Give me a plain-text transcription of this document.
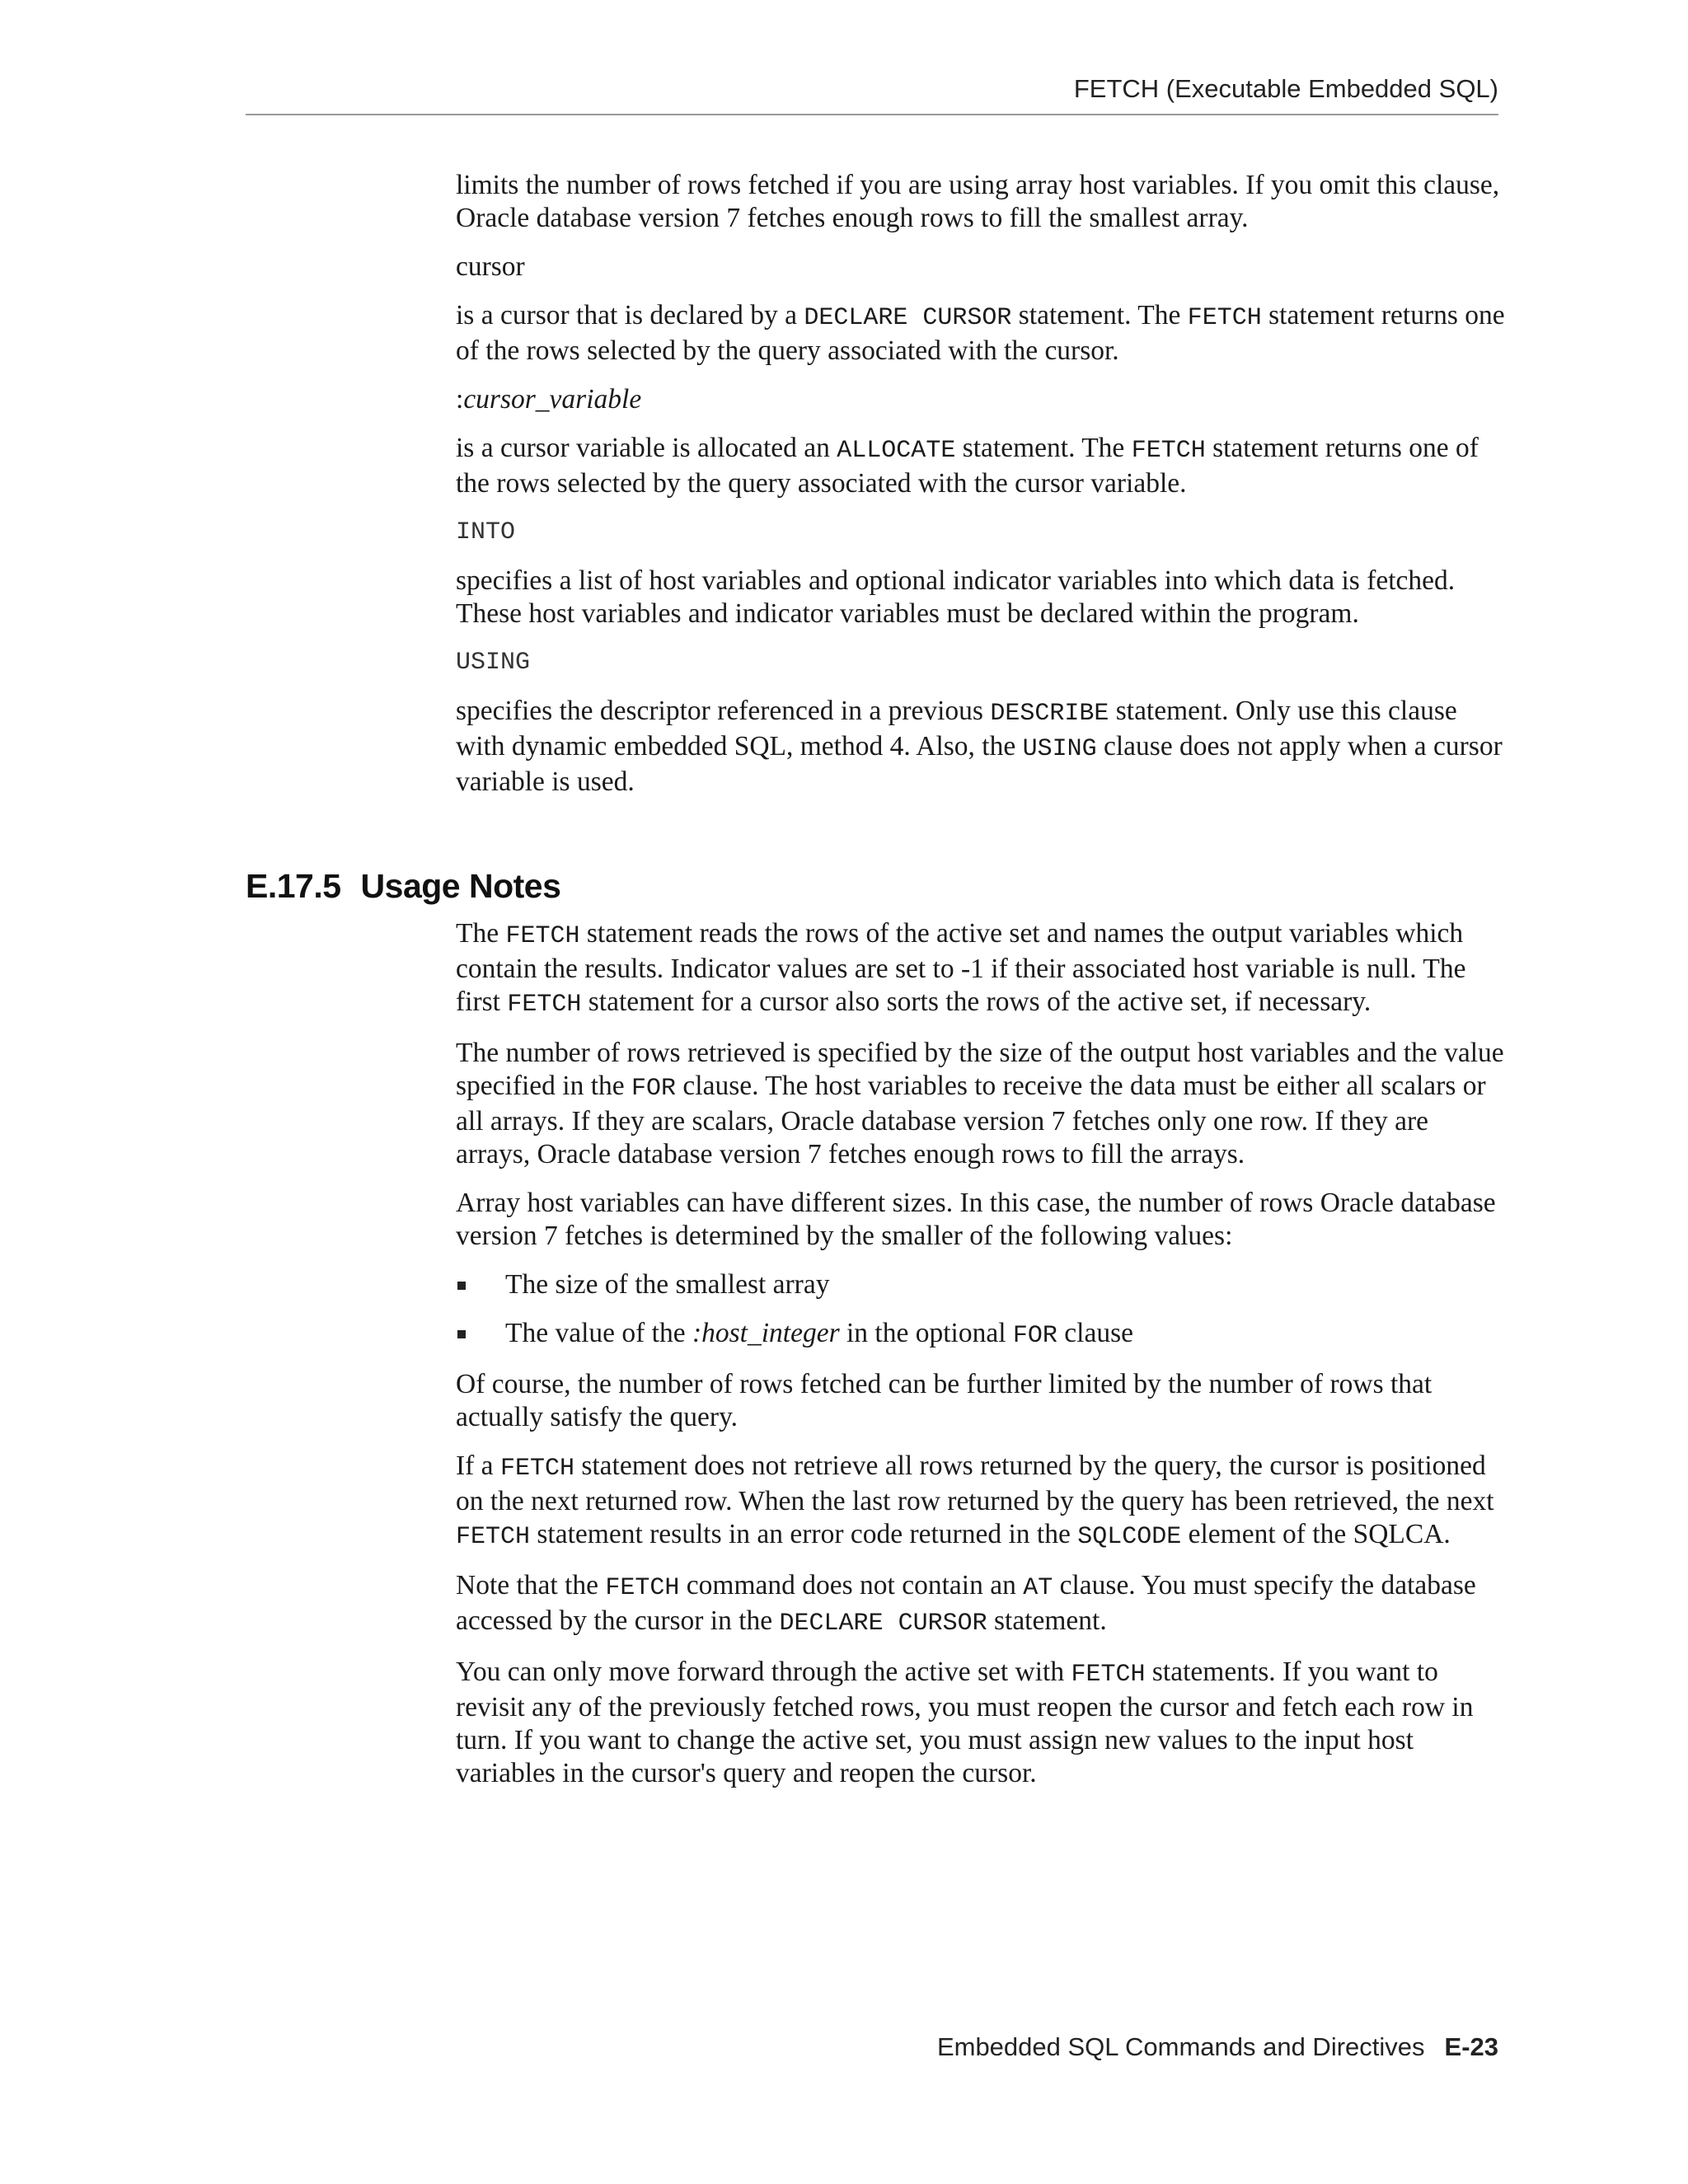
FETCH (Executable Embedded SQL)

limits the number of rows fetched if you are using array host variables. If you omit this clause, Oracle database version 7 fetches enough rows to fill the smallest array.

cursor

is a cursor that is declared by a DECLARE CURSOR statement. The FETCH statement returns one of the rows selected by the query associated with the cursor.

:cursor_variable

is a cursor variable is allocated an ALLOCATE statement. The FETCH statement returns one of the rows selected by the query associated with the cursor variable.

INTO

specifies a list of host variables and optional indicator variables into which data is fetched. These host variables and indicator variables must be declared within the program.

USING

specifies the descriptor referenced in a previous DESCRIBE statement. Only use this clause with dynamic embedded SQL, method 4. Also, the USING clause does not apply when a cursor variable is used.

E.17.5 Usage Notes

The FETCH statement reads the rows of the active set and names the output variables which contain the results. Indicator values are set to -1 if their associated host variable is null. The first FETCH statement for a cursor also sorts the rows of the active set, if necessary.

The number of rows retrieved is specified by the size of the output host variables and the value specified in the FOR clause. The host variables to receive the data must be either all scalars or all arrays. If they are scalars, Oracle database version 7 fetches only one row. If they are arrays, Oracle database version 7 fetches enough rows to fill the arrays.

Array host variables can have different sizes. In this case, the number of rows Oracle database version 7 fetches is determined by the smaller of the following values:

The size of the smallest array
The value of the :host_integer in the optional FOR clause

Of course, the number of rows fetched can be further limited by the number of rows that actually satisfy the query.

If a FETCH statement does not retrieve all rows returned by the query, the cursor is positioned on the next returned row. When the last row returned by the query has been retrieved, the next FETCH statement results in an error code returned in the SQLCODE element of the SQLCA.

Note that the FETCH command does not contain an AT clause. You must specify the database accessed by the cursor in the DECLARE CURSOR statement.

You can only move forward through the active set with FETCH statements. If you want to revisit any of the previously fetched rows, you must reopen the cursor and fetch each row in turn. If you want to change the active set, you must assign new values to the input host variables in the cursor's query and reopen the cursor.

Embedded SQL Commands and Directives E-23
